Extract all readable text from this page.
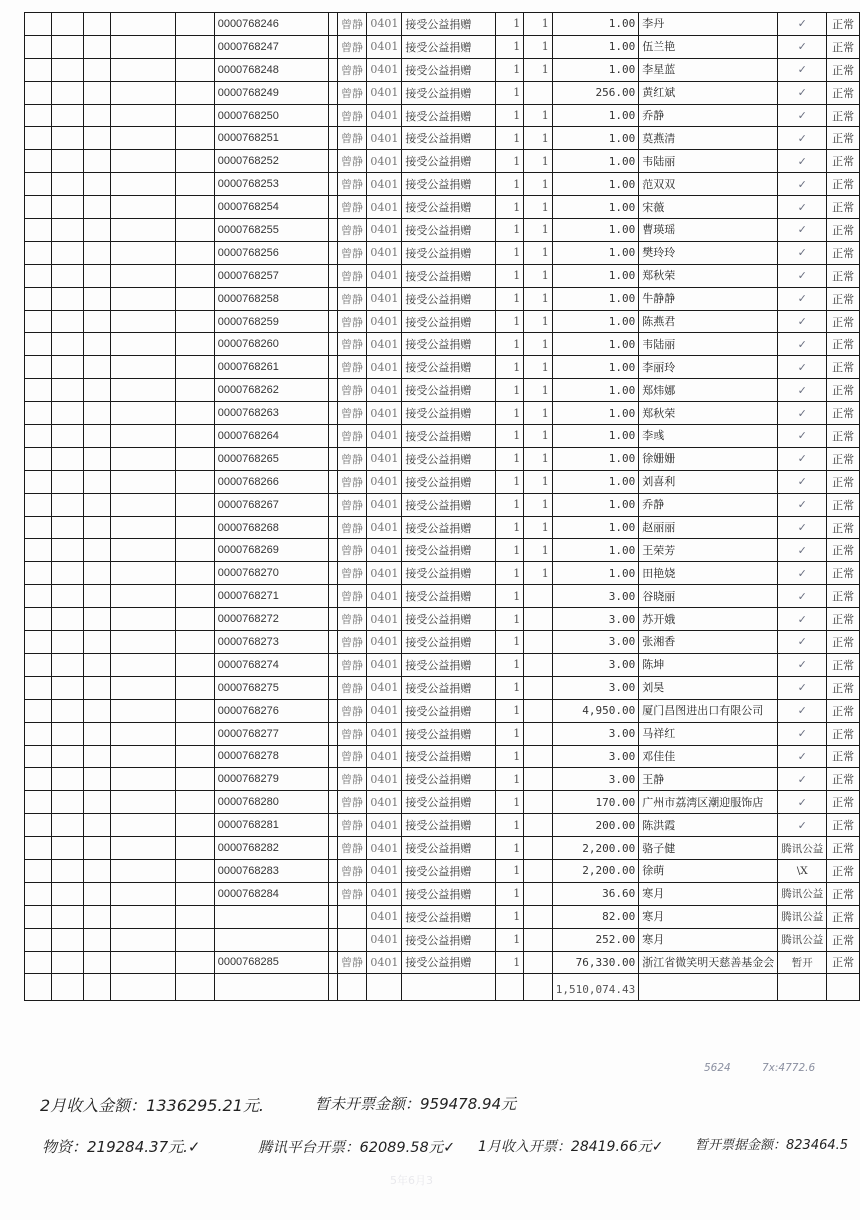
					0000768246		曾静	0401	接受公益捐赠	1	1	1.00	李丹	✓	正常
					0000768247		曾静	0401	接受公益捐赠	1	1	1.00	伍兰艳	✓	正常
					0000768248		曾静	0401	接受公益捐赠	1	1	1.00	李星蓝	✓	正常
					0000768249		曾静	0401	接受公益捐赠	1		256.00	黄红斌	✓	正常
					0000768250		曾静	0401	接受公益捐赠	1	1	1.00	乔静	✓	正常
					0000768251		曾静	0401	接受公益捐赠	1	1	1.00	莫燕清	✓	正常
					0000768252		曾静	0401	接受公益捐赠	1	1	1.00	韦陆丽	✓	正常
					0000768253		曾静	0401	接受公益捐赠	1	1	1.00	范双双	✓	正常
					0000768254		曾静	0401	接受公益捐赠	1	1	1.00	宋薇	✓	正常
					0000768255		曾静	0401	接受公益捐赠	1	1	1.00	曹瑛瑶	✓	正常
					0000768256		曾静	0401	接受公益捐赠	1	1	1.00	樊玲玲	✓	正常
					0000768257		曾静	0401	接受公益捐赠	1	1	1.00	郑秋荣	✓	正常
					0000768258		曾静	0401	接受公益捐赠	1	1	1.00	牛静静	✓	正常
					0000768259		曾静	0401	接受公益捐赠	1	1	1.00	陈燕君	✓	正常
					0000768260		曾静	0401	接受公益捐赠	1	1	1.00	韦陆丽	✓	正常
					0000768261		曾静	0401	接受公益捐赠	1	1	1.00	李丽玲	✓	正常
					0000768262		曾静	0401	接受公益捐赠	1	1	1.00	郑炜娜	✓	正常
					0000768263		曾静	0401	接受公益捐赠	1	1	1.00	郑秋荣	✓	正常
					0000768264		曾静	0401	接受公益捐赠	1	1	1.00	李彧	✓	正常
					0000768265		曾静	0401	接受公益捐赠	1	1	1.00	徐姗姗	✓	正常
					0000768266		曾静	0401	接受公益捐赠	1	1	1.00	刘喜利	✓	正常
					0000768267		曾静	0401	接受公益捐赠	1	1	1.00	乔静	✓	正常
					0000768268		曾静	0401	接受公益捐赠	1	1	1.00	赵丽丽	✓	正常
					0000768269		曾静	0401	接受公益捐赠	1	1	1.00	王荣芳	✓	正常
					0000768270		曾静	0401	接受公益捐赠	1	1	1.00	田艳娆	✓	正常
					0000768271		曾静	0401	接受公益捐赠	1		3.00	谷晓丽	✓	正常
					0000768272		曾静	0401	接受公益捐赠	1		3.00	苏开娥	✓	正常
					0000768273		曾静	0401	接受公益捐赠	1		3.00	张湘香	✓	正常
					0000768274		曾静	0401	接受公益捐赠	1		3.00	陈坤	✓	正常
					0000768275		曾静	0401	接受公益捐赠	1		3.00	刘昊	✓	正常
					0000768276		曾静	0401	接受公益捐赠	1		4,950.00	厦门昌图进出口有限公司	✓	正常
					0000768277		曾静	0401	接受公益捐赠	1		3.00	马祥红	✓	正常
					0000768278		曾静	0401	接受公益捐赠	1		3.00	邓佳佳	✓	正常
					0000768279		曾静	0401	接受公益捐赠	1		3.00	王静	✓	正常
					0000768280		曾静	0401	接受公益捐赠	1		170.00	广州市荔湾区潮迎服饰店	✓	正常
					0000768281		曾静	0401	接受公益捐赠	1		200.00	陈洪霞	✓	正常
					0000768282		曾静	0401	接受公益捐赠	1		2,200.00	骆子健	腾讯公益	正常
					0000768283		曾静	0401	接受公益捐赠	1		2,200.00	徐萌	\X	正常
					0000768284		曾静	0401	接受公益捐赠	1		36.60	寒月	腾讯公益	正常
								0401	接受公益捐赠	1		82.00	寒月	腾讯公益	正常
								0401	接受公益捐赠	1		252.00	寒月	腾讯公益	正常
					0000768285		曾静	0401	接受公益捐赠	1		76,330.00	浙江省微笑明天慈善基金会	暂开	正常
												1,510,074.43			
5624	7x:4772.6
2月收入金额：1336295.21元.	暂未开票金额：959478.94元
物资：219284.37元.✓	腾讯平台开票：62089.58元✓ 1月收入开票：28419.66元✓ 暂开票据金额：823464.5
5年6月3
